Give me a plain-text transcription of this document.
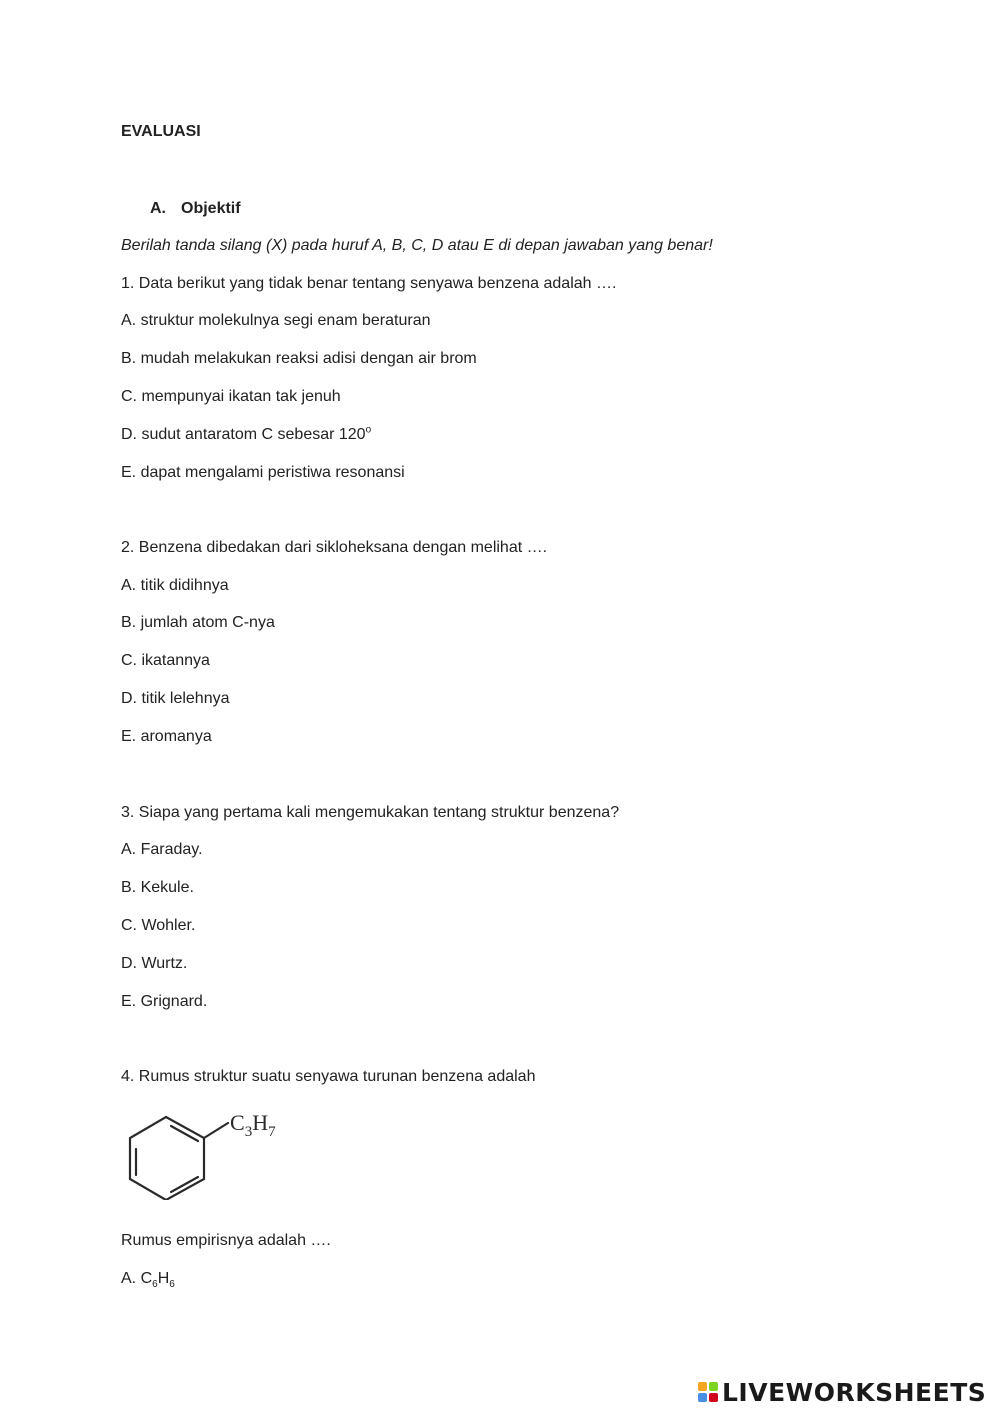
EVALUASI
A. Objektif
Berilah tanda silang (X) pada huruf A, B, C, D atau E di depan jawaban yang benar!
1. Data berikut yang tidak benar tentang senyawa benzena adalah ….
A. struktur molekulnya segi enam beraturan
B. mudah melakukan reaksi adisi dengan air brom
C. mempunyai ikatan tak jenuh
D. sudut antaratom C sebesar 120$^o$
E. dapat mengalami peristiwa resonansi
2. Benzena dibedakan dari sikloheksana dengan melihat ….
A. titik didihnya
B. jumlah atom C-nya
C. ikatannya
D. titik lelehnya
E. aromanya
3. Siapa yang pertama kali mengemukakan tentang struktur benzena?
A. Faraday.
B. Kekule.
C. Wohler.
D. Wurtz.
E. Grignard.
4. Rumus struktur suatu senyawa turunan benzena adalah
$C_3H_7$
Rumus empirisnya adalah ….
A. $C_6H_6$
LIVEWORKSHEETS
